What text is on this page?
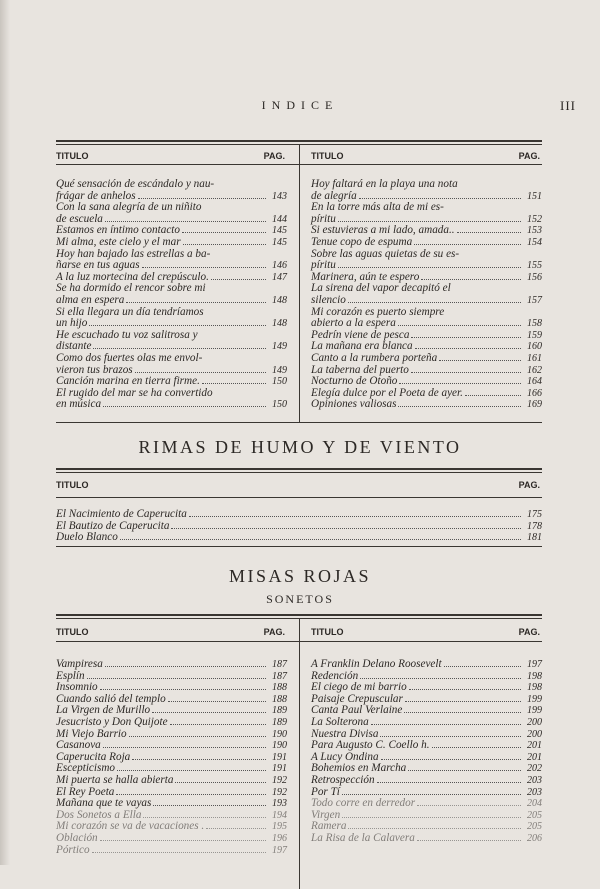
INDICE	III
TITULO	PAG.	TITULO	PAG.
Qué sensación de escándalo y nau-
frágar de anhelos	143
Con la sana alegría de un niñito
de escuela	144
Estamos en íntimo contacto	145
Mi alma, este cielo y el mar	145
Hoy han bajado las estrellas a ba-
ñarse en tus aguas	146
A la luz mortecina del crepúsculo.	147
Se ha dormido el rencor sobre mi
alma en espera	148
Si ella llegara un día tendríamos
un hijo	148
He escuchado tu voz salitrosa y
distante	149
Como dos fuertes olas me envol-
vieron tus brazos	149
Canción marina en tierra firme.	150
El rugido del mar se ha convertido
en música	150
Hoy faltará en la playa una nota
de alegría	151
En la torre más alta de mi es-
píritu	152
Si estuvieras a mi lado, amada..	153
Tenue copo de espuma	154
Sobre las aguas quietas de su es-
píritu	155
Marinera, aún te espero	156
La sirena del vapor decapitó el
silencio	157
Mi corazón es puerto siempre
abierto a la espera	158
Pedrín viene de pesca	159
La mañana era blanca	160
Canto a la rumbera porteña	161
La taberna del puerto	162
Nocturno de Otoño	164
Elegía dulce por el Poeta de ayer.	166
Opiniones valiosas	169
RIMAS DE HUMO Y DE VIENTO
TITULO	PAG.
El Nacimiento de Caperucita	175
El Bautizo de Caperucita	178
Duelo Blanco	181
MISAS ROJAS
SONETOS
TITULO	PAG.	TITULO	PAG.
Vampiresa	187
Esplín	187
Insomnio	188
Cuando salió del templo	188
La Virgen de Murillo	189
Jesucristo y Don Quijote	189
Mi Viejo Barrio	190
Casanova	190
Caperucita Roja	191
Escepticismo	191
Mi puerta se halla abierta	192
El Rey Poeta	192
Mañana que te vayas	193
Dos Sonetos a Ella	194
Mi corazón se va de vacaciones .	195
Oblación	196
Pórtico	197
A Franklin Delano Roosevelt	197
Redención	198
El ciego de mi barrio	198
Paisaje Crepuscular	199
Canta Paul Verlaine	199
La Solterona	200
Nuestra Divisa	200
Para Augusto C. Coello h.	201
A Lucy Ondina	201
Bohemios en Marcha	202
Retrospección	203
Por Tí	203
Todo corre en derredor	204
Virgen	205
Ramera	205
La Risa de la Calavera	206
